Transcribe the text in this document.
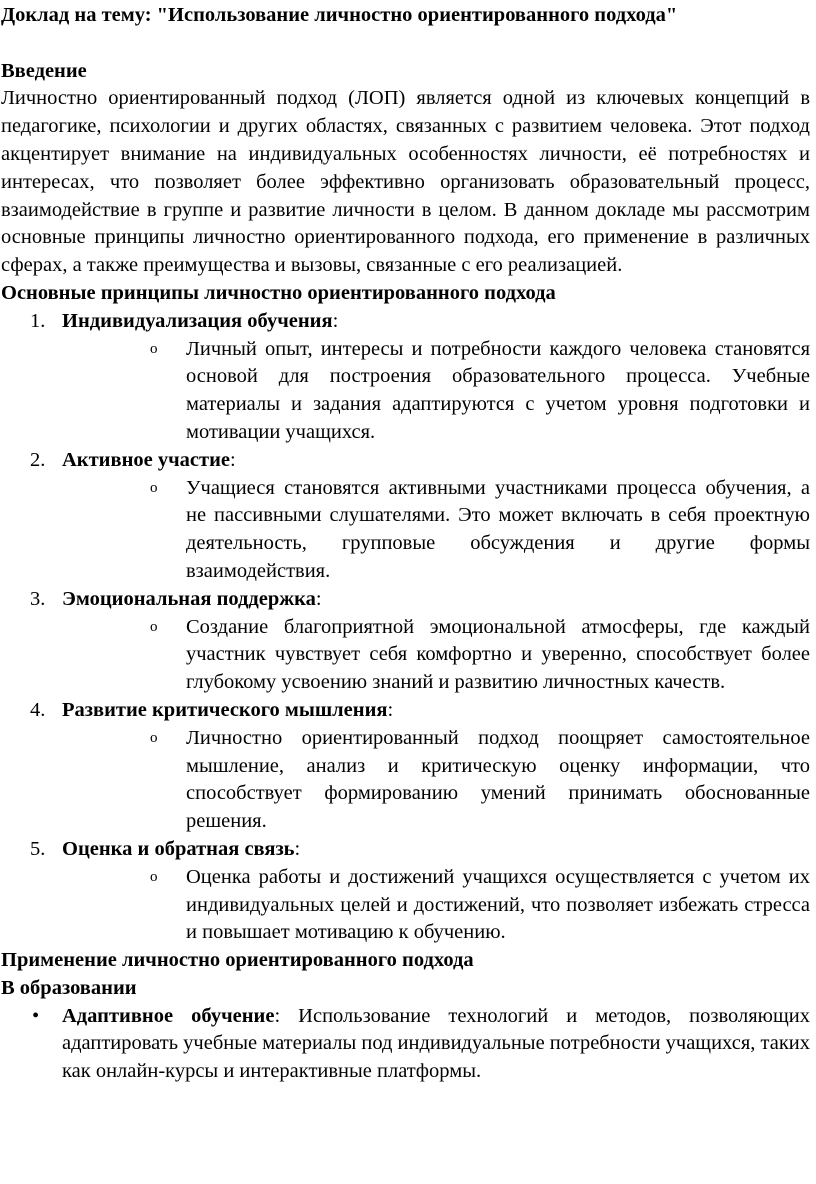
Доклад на тему: "Использование личностно ориентированного подхода"
Введение

Личностно ориентированный подход (ЛОП) является одной из ключевых концепций в педагогике, психологии и других областях, связанных с развитием человека. Этот подход акцентирует внимание на индивидуальных особенностях личности, её потребностях и интересах, что позволяет более эффективно организовать образовательный процесс, взаимодействие в группе и развитие личности в целом. В данном докладе мы рассмотрим основные принципы личностно ориентированного подхода, его применение в различных сферах, а также преимущества и вызовы, связанные с его реализацией.

Основные принципы личностно ориентированного подхода
1. Индивидуализация обучения:
o Личный опыт, интересы и потребности каждого человека становятся основой для построения образовательного процесса. Учебные материалы и задания адаптируются с учетом уровня подготовки и мотивации учащихся.
2. Активное участие:
o Учащиеся становятся активными участниками процесса обучения, а не пассивными слушателями. Это может включать в себя проектную деятельность, групповые обсуждения и другие формы взаимодействия.
3. Эмоциональная поддержка:
o Создание благоприятной эмоциональной атмосферы, где каждый участник чувствует себя комфортно и уверенно, способствует более глубокому усвоению знаний и развитию личностных качеств.
4. Развитие критического мышления:
o Личностно ориентированный подход поощряет самостоятельное мышление, анализ и критическую оценку информации, что способствует формированию умений принимать обоснованные решения.
5. Оценка и обратная связь:
o Оценка работы и достижений учащихся осуществляется с учетом их индивидуальных целей и достижений, что позволяет избежать стресса и повышает мотивацию к обучению.
Применение личностно ориентированного подхода
В образовании
• Адаптивное обучение: Использование технологий и методов, позволяющих адаптировать учебные материалы под индивидуальные потребности учащихся, таких как онлайн-курсы и интерактивные платформы.
